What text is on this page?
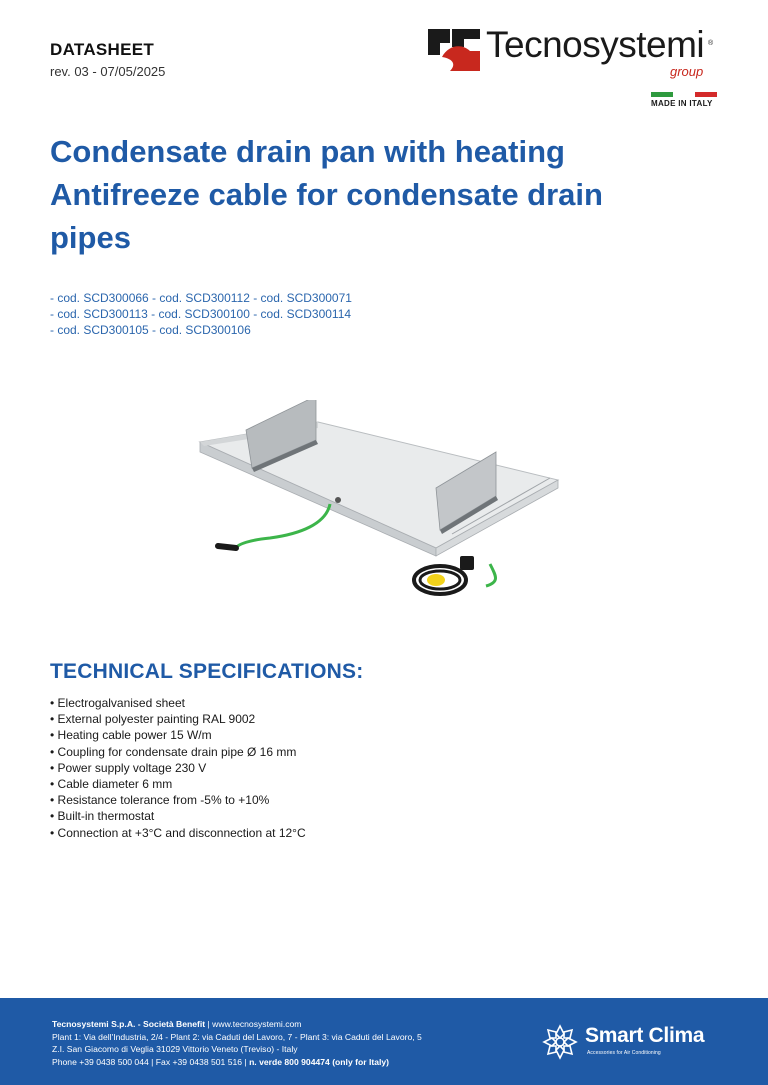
DATASHEET
rev. 03 - 07/05/2025
Tecnosystemi ®
group
MADE IN ITALY
Condensate drain pan with heating
Antifreeze cable for condensate drain
pipes
- cod. SCD300066 - cod. SCD300112 - cod. SCD300071
- cod. SCD300113 - cod. SCD300100 - cod. SCD300114
- cod. SCD300105 - cod. SCD300106
TECHNICAL SPECIFICATIONS:
• Electrogalvanised sheet
• External polyester painting RAL 9002
• Heating cable power 15 W/m
• Coupling for condensate drain pipe Ø 16 mm
• Power supply voltage 230 V
• Cable diameter 6 mm
• Resistance tolerance from -5% to +10%
• Built-in thermostat
• Connection at +3°C and disconnection at 12°C
Tecnosystemi S.p.A. - Società Benefit | www.tecnosystemi.com
Plant 1: Via dell'Industria, 2/4 - Plant 2: via Caduti del Lavoro, 7 - Plant 3: via Caduti del Lavoro, 5
Z.I. San Giacomo di Veglia 31029 Vittorio Veneto (Treviso) - Italy
Phone +39 0438 500 044 | Fax +39 0438 501 516 | n. verde 800 904474 (only for Italy)
Smart Clima
Accessories for Air Conditioning
